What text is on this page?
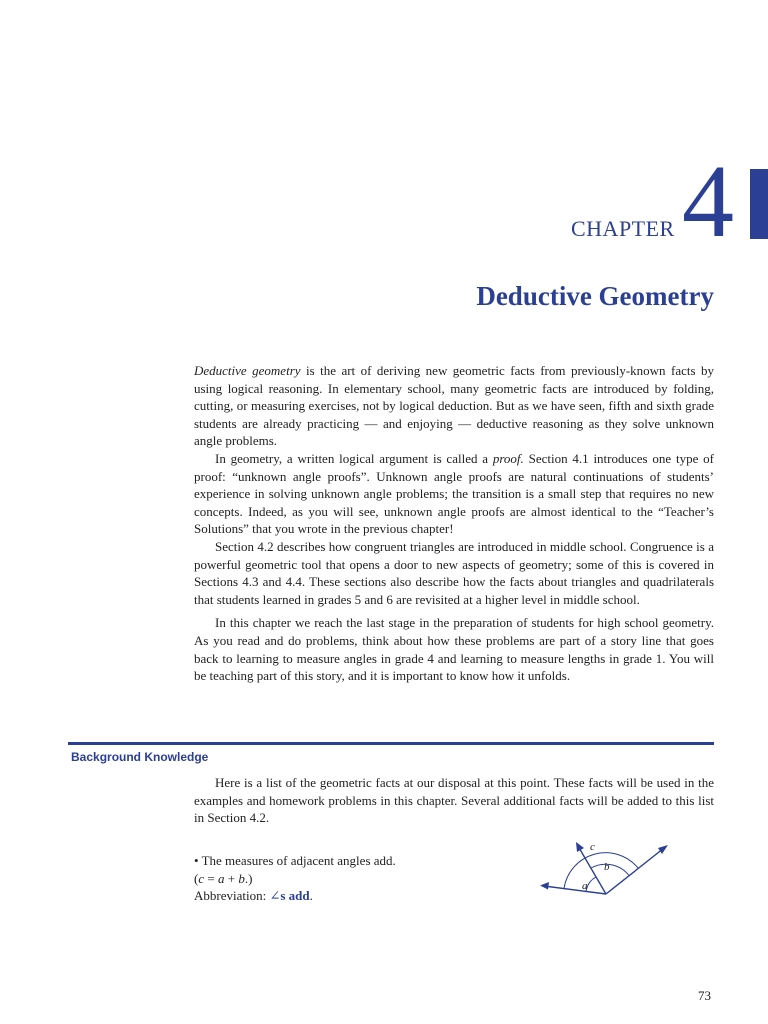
CHAPTER 4
Deductive Geometry

Deductive geometry is the art of deriving new geometric facts from previously-known facts by using logical reasoning. In elementary school, many geometric facts are introduced by folding, cutting, or measuring exercises, not by logical deduction. But as we have seen, fifth and sixth grade students are already practicing — and enjoying — deductive reasoning as they solve unknown angle problems.

In geometry, a written logical argument is called a proof. Section 4.1 introduces one type of proof: “unknown angle proofs”. Unknown angle proofs are natural continuations of students’ experience in solving unknown angle problems; the transition is a small step that requires no new concepts. Indeed, as you will see, unknown angle proofs are almost identical to the “Teacher’s Solutions” that you wrote in the previous chapter!

Section 4.2 describes how congruent triangles are introduced in middle school. Congruence is a powerful geometric tool that opens a door to new aspects of geometry; some of this is covered in Sections 4.3 and 4.4. These sections also describe how the facts about triangles and quadrilaterals that students learned in grades 5 and 6 are revisited at a higher level in middle school.

In this chapter we reach the last stage in the preparation of students for high school geometry. As you read and do problems, think about how these problems are part of a story line that goes back to learning to measure angles in grade 4 and learning to measure lengths in grade 1. You will be teaching part of this story, and it is important to know how it unfolds.

Background Knowledge

Here is a list of the geometric facts at our disposal at this point. These facts will be used in the examples and homework problems in this chapter. Several additional facts will be added to this list in Section 4.2.

• The measures of adjacent angles add.
(c = a + b.)
Abbreviation: ∠s add.
a
b
c
73
